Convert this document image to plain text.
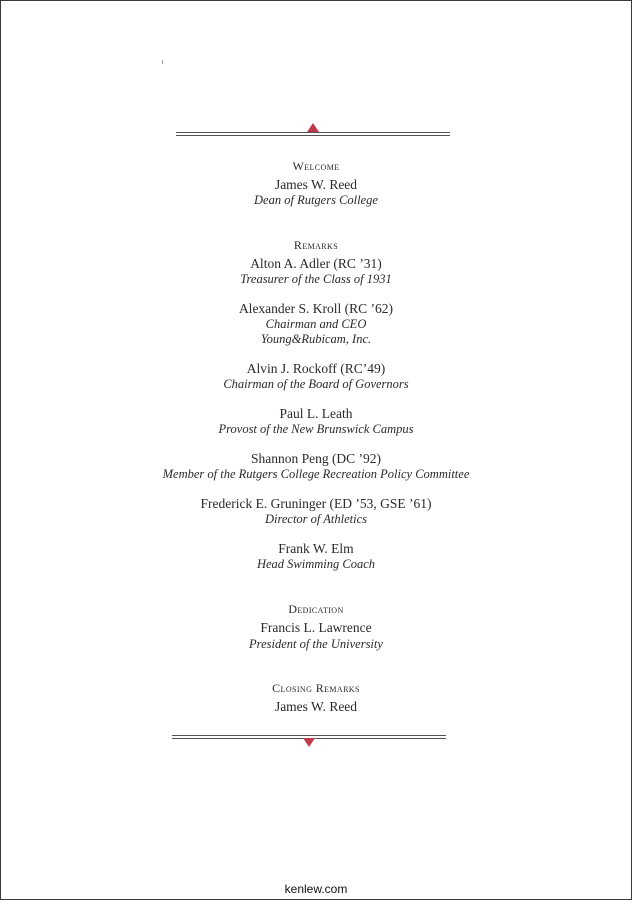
Welcome
James W. Reed
Dean of Rutgers College
Remarks
Alton A. Adler (RC ’31)
Treasurer of the Class of 1931
Alexander S. Kroll (RC ’62)
Chairman and CEO
Young&Rubicam, Inc.
Alvin J. Rockoff (RC’49)
Chairman of the Board of Governors
Paul L. Leath
Provost of the New Brunswick Campus
Shannon Peng (DC ’92)
Member of the Rutgers College Recreation Policy Committee
Frederick E. Gruninger (ED ’53, GSE ’61)
Director of Athletics
Frank W. Elm
Head Swimming Coach
Dedication
Francis L. Lawrence
President of the University
Closing Remarks
James W. Reed
kenlew.com
